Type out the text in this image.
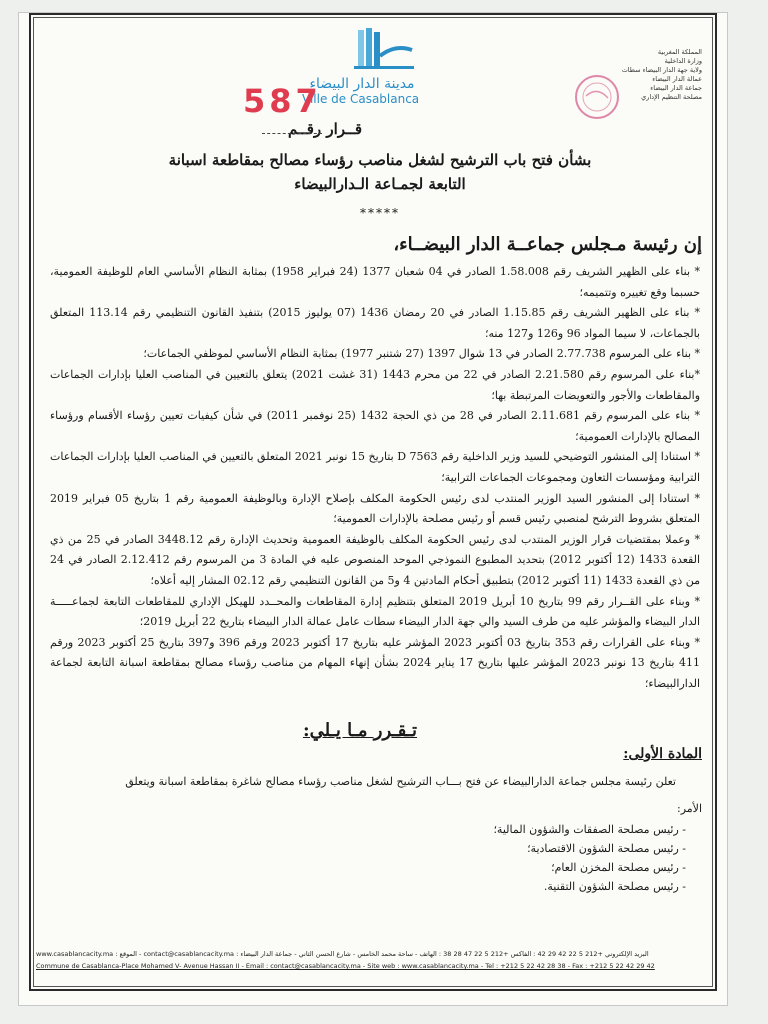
مدينة الدار البيضاء
Ville de Casablanca
587
المملكة المغربية
وزارة الداخلية
ولاية جهة الدار البيضاء سطات
عمالة الدار البيضاء
جماعة الدار البيضاء
مصلحة التنظيم الإداري
قــرار رقــم
بشأن فتح باب الترشيح لشغل مناصب رؤساء مصالح بمقاطعة اسبانة
التابعة لجمـاعة الـدارالبيضاء
*****
إن رئيسة مـجلس جماعــة الدار البيضــاء،

* بناء على الظهير الشريف رقم 1.58.008 الصادر في 04 شعبان 1377 (24 فبراير 1958) بمثابة النظام الأساسي العام للوظيفة العمومية، حسبما وقع تغييره وتتميمه؛

* بناء على الظهير الشريف رقم 1.15.85 الصادر في 20 رمضان 1436 (07 يوليوز 2015) بتنفيذ القانون التنظيمي رقم 113.14 المتعلق بالجماعات، لا سيما المواد 96 و126 و127 منه؛

* بناء على المرسوم 2.77.738 الصادر في 13 شوال 1397 (27 شتنبر 1977) بمثابة النظام الأساسي لموظفي الجماعات؛

*بناء على المرسوم رقم 2.21.580 الصادر في 22 من محرم 1443 (31 غشت 2021) يتعلق بالتعيين في المناصب العليا بإدارات الجماعات والمقاطعات والأجور والتعويضات المرتبطة بها؛

* بناء على المرسوم رقم 2.11.681 الصادر في 28 من ذي الحجة 1432 (25 نوفمبر 2011) في شأن كيفيات تعيين رؤساء الأقسام ورؤساء المصالح بالإدارات العمومية؛

* استنادا إلى المنشور التوضيحي للسيد وزير الداخلية رقم D 7563 بتاريخ 15 نونبر 2021 المتعلق بالتعيين في المناصب العليا بإدارات الجماعات الترابية ومؤسسات التعاون ومجموعات الجماعات الترابية؛

* استنادا إلى المنشور السيد الوزير المنتدب لدى رئيس الحكومة المكلف بإصلاح الإدارة وبالوظيفة العمومية رقم 1 بتاريخ 05 فبراير 2019 المتعلق بشروط الترشح لمنصبي رئيس قسم أو رئيس مصلحة بالإدارات العمومية؛

* وعملا بمقتضيات قرار الوزير المنتدب لدى رئيس الحكومة المكلف بالوظيفة العمومية وتحديث الإدارة رقم 3448.12 الصادر في 25 من ذي القعدة 1433 (12 أكتوبر 2012) بتحديد المطبوع النموذجي الموحد المنصوص عليه في المادة 3 من المرسوم رقم 2.12.412 الصادر في 24 من ذي القعدة 1433 (11 أكتوبر 2012) بتطبيق أحكام المادتين 4 و5 من القانون التنظيمي رقم 02.12 المشار إليه أعلاه؛

* وبناء على القــرار رقم 99 بتاريخ 10 أبريل 2019 المتعلق بتنظيم إدارة المقاطعات والمحــدد للهيكل الإداري للمقاطعات التابعة لجماعـــــة الدار البيضاء والمؤشر عليه من طرف السيد والي جهة الدار البيضاء سطات عامل عمالة الدار البيضاء بتاريخ 22 أبريل 2019؛

* وبناء على القرارات رقم 353 بتاريخ 03 أكتوبر 2023 المؤشر عليه بتاريخ 17 أكتوبر 2023 ورقم 396 و397 بتاريخ 25 أكتوبر 2023 ورقم 411 بتاريخ 13 نونبر 2023 المؤشر عليها بتاريخ 17 يناير 2024 بشأن إنهاء المهام من مناصب رؤساء مصالح بمقاطعة اسبانة التابعة لجماعة الدارالبيضاء؛

تـقـرر مـا يـلي:
المادة الأولى:
تعلن رئيسة مجلس جماعة الدارالبيضاء عن فتح بـــاب الترشيح لشغل مناصب رؤساء مصالح شاغرة بمقاطعة اسبانة ويتعلق
الأمر:
- رئيس مصلحة الصفقات والشؤون المالية؛
- رئيس مصلحة الشؤون الاقتصادية؛
- رئيس مصلحة المخزن العام؛
- رئيس مصلحة الشؤون التقنية.
www.casablancacity.ma : الموقع - contact@casablancacity.ma : البريد الإلكتروني +212 5 22 42 29 42 : الفاكس +212 5 22 47 28 38 : الهاتف - ساحة محمد الخامس - شارع الحسن الثاني - جماعة الدار البيضاء
Commune de Casablanca-Place Mohamed V- Avenue Hassan II - Email : contact@casablancacity.ma - Site web : www.casablancacity.ma - Tel : +212 5 22 42 28 38 - Fax : +212 5 22 42 29 42
